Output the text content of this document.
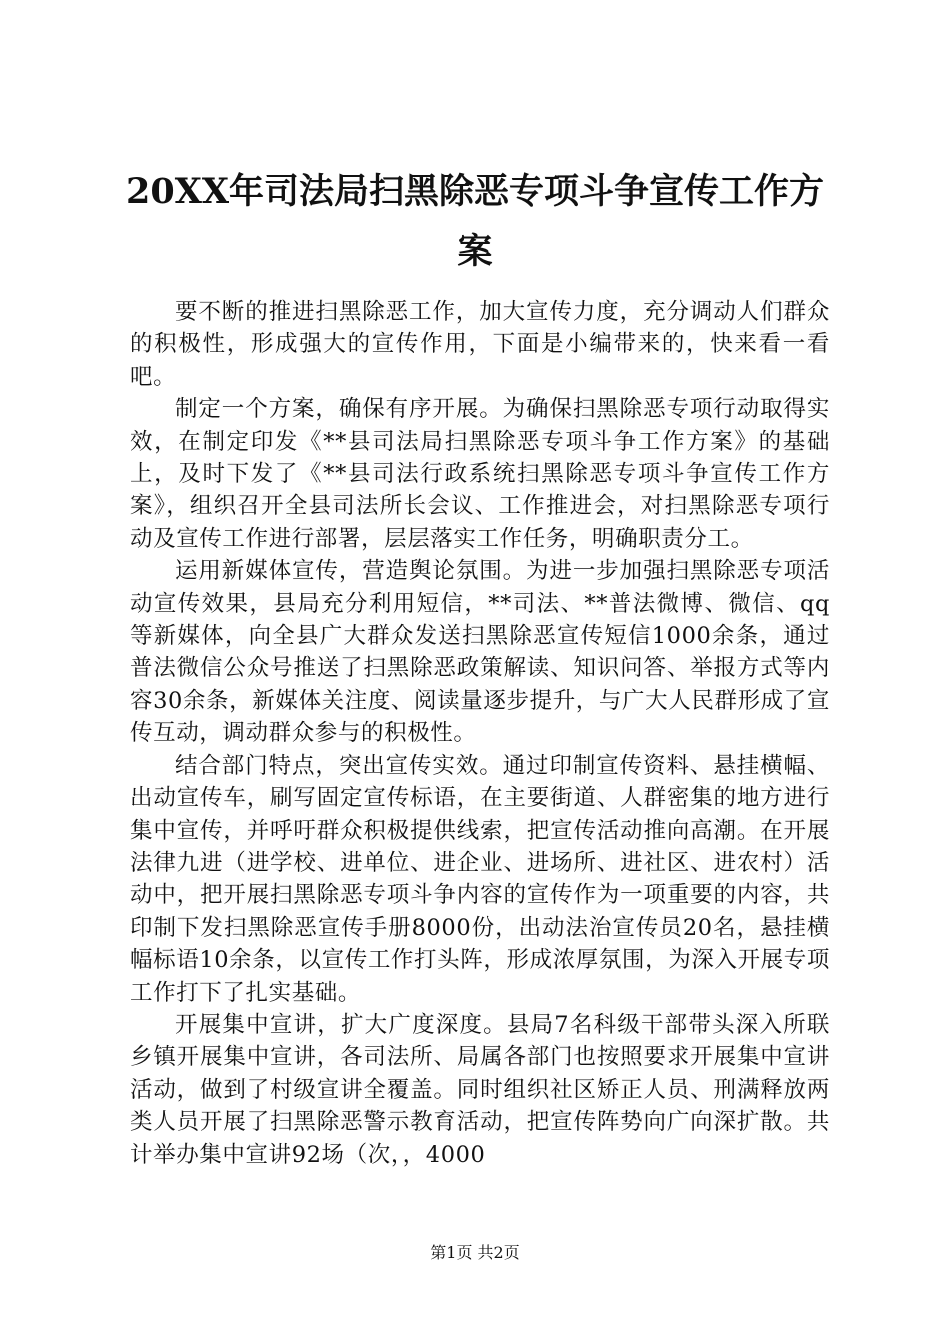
20XX年司法局扫黑除恶专项斗争宣传工作方案

要不断的推进扫黑除恶工作，加大宣传力度，充分调动人们群众的积极性，形成强大的宣传作用，下面是小编带来的，快来看一看吧。

制定一个方案，确保有序开展。为确保扫黑除恶专项行动取得实效，在制定印发《**县司法局扫黑除恶专项斗争工作方案》的基础上，及时下发了《**县司法行政系统扫黑除恶专项斗争宣传工作方案》，组织召开全县司法所长会议、工作推进会，对扫黑除恶专项行动及宣传工作进行部署，层层落实工作任务，明确职责分工。

运用新媒体宣传，营造舆论氛围。为进一步加强扫黑除恶专项活动宣传效果，县局充分利用短信，**司法、**普法微博、微信、qq等新媒体，向全县广大群众发送扫黑除恶宣传短信1000余条，通过普法微信公众号推送了扫黑除恶政策解读、知识问答、举报方式等内容30余条，新媒体关注度、阅读量逐步提升，与广大人民群形成了宣传互动，调动群众参与的积极性。

结合部门特点，突出宣传实效。通过印制宣传资料、悬挂横幅、出动宣传车，刷写固定宣传标语，在主要街道、人群密集的地方进行集中宣传，并呼吁群众积极提供线索，把宣传活动推向高潮。在开展法律九进（进学校、进单位、进企业、进场所、进社区、进农村）活动中，把开展扫黑除恶专项斗争内容的宣传作为一项重要的内容，共印制下发扫黑除恶宣传手册8000份，出动法治宣传员20名，悬挂横幅标语10余条，以宣传工作打头阵，形成浓厚氛围，为深入开展专项工作打下了扎实基础。

开展集中宣讲，扩大广度深度。县局7名科级干部带头深入所联乡镇开展集中宣讲，各司法所、局属各部门也按照要求开展集中宣讲活动，做到了村级宣讲全覆盖。同时组织社区矫正人员、刑满释放两类人员开展了扫黑除恶警示教育活动，把宣传阵势向广向深扩散。共计举办集中宣讲92场（次，，4000

第1页 共2页
